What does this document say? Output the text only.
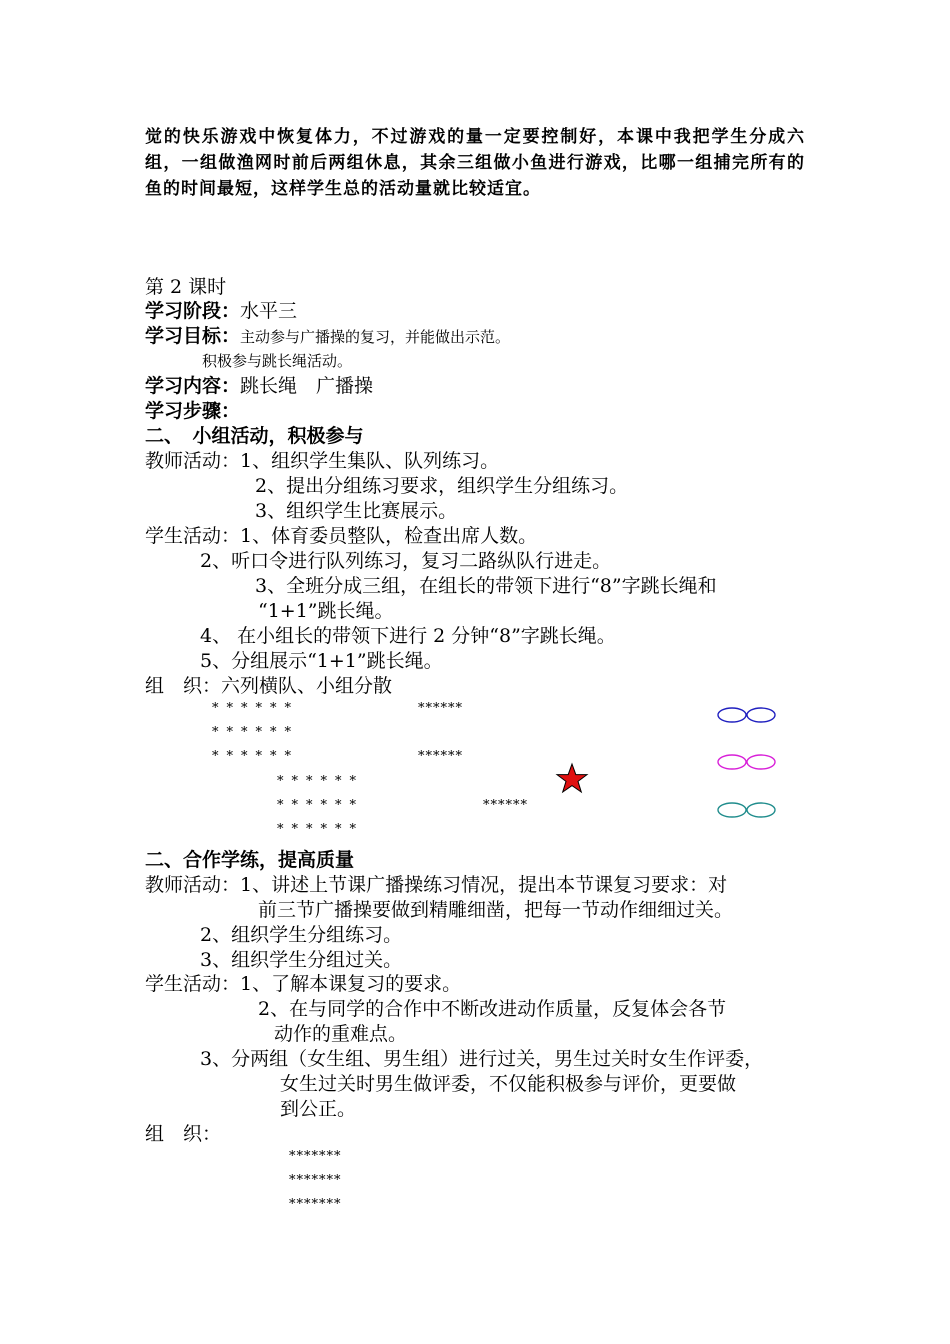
觉的快乐游戏中恢复体力，不过游戏的量一定要控制好，本课中我把学生分成六组，一组做渔网时前后两组休息，其余三组做小鱼进行游戏，比哪一组捕完所有的鱼的时间最短，这样学生总的活动量就比较适宜。
第 2 课时
学习阶段：水平三
学习目标：主动参与广播操的复习，并能做出示范。
积极参与跳长绳活动。
学习内容：跳长绳　广播操
学习步骤：
二、　小组活动，积极参与
教师活动：1、组织学生集队、队列练习。
2、提出分组练习要求，组织学生分组练习。
3、组织学生比赛展示。
学生活动：1、体育委员整队，检查出席人数。
2、听口令进行队列练习，复习二路纵队行进走。
3、全班分成三组，在组长的带领下进行“8”字跳长绳和
“1+1”跳长绳。
4、 在小组长的带领下进行 2 分钟“8”字跳长绳。
5、分组展示“1+1”跳长绳。
组　织：六列横队、小组分散
******
******
******
******
******
******
******
******
******
二、合作学练，提高质量
教师活动：1、讲述上节课广播操练习情况，提出本节课复习要求：对
前三节广播操要做到精雕细凿，把每一节动作细细过关。
2、组织学生分组练习。
3、组织学生分组过关。
学生活动：1、了解本课复习的要求。
2、在与同学的合作中不断改进动作质量，反复体会各节
动作的重难点。
3、分两组（女生组、男生组）进行过关，男生过关时女生作评委，
女生过关时男生做评委，不仅能积极参与评价，更要做
到公正。
组　织：
*******
*******
*******
